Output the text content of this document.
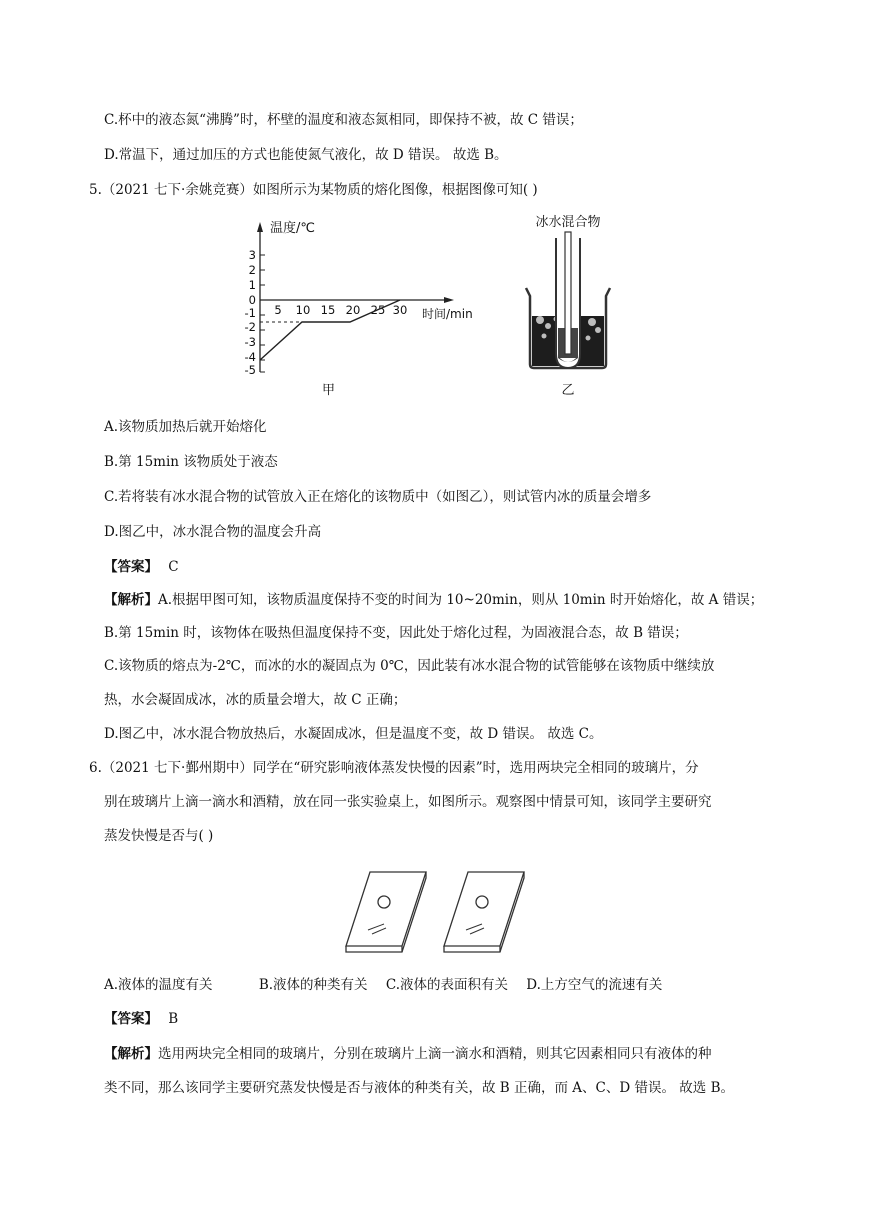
C.杯中的液态氮“沸腾”时，杯壁的温度和液态氮相同，即保持不被，故 C 错误；
D.常温下，通过加压的方式也能使氮气液化，故 D 错误。 故选 B。
5.（2021 七下·余姚竞赛）如图所示为某物质的熔化图像，根据图像可知( )
温度/℃
时间/min
3
2
1
0
-1
-2
-3
-4
-5
5 10 15 20 25 30
甲
冰水混合物
乙
A.该物质加热后就开始熔化
B.第 15min 该物质处于液态
C.若将装有冰水混合物的试管放入正在熔化的该物质中（如图乙），则试管内冰的质量会增多
D.图乙中，冰水混合物的温度会升高
【答案】 C
【解析】A.根据甲图可知，该物质温度保持不变的时间为 10~20min，则从 10min 时开始熔化，故 A 错误；
B.第 15min 时，该物体在吸热但温度保持不变，因此处于熔化过程，为固液混合态，故 B 错误；
C.该物质的熔点为-2℃，而冰的水的凝固点为 0℃，因此装有冰水混合物的试管能够在该物质中继续放
热，水会凝固成冰，冰的质量会增大，故 C 正确；
D.图乙中，冰水混合物放热后，水凝固成冰，但是温度不变，故 D 错误。 故选 C。
6.（2021 七下·鄞州期中）同学在“研究影响液体蒸发快慢的因素”时，选用两块完全相同的玻璃片，分
别在玻璃片上滴一滴水和酒精，放在同一张实验桌上，如图所示。观察图中情景可知，该同学主要研究
蒸发快慢是否与( )
A.液体的温度有关	B.液体的种类有关 C.液体的表面积有关 D.上方空气的流速有关
【答案】 B
【解析】选用两块完全相同的玻璃片，分别在玻璃片上滴一滴水和酒精，则其它因素相同只有液体的种
类不同，那么该同学主要研究蒸发快慢是否与液体的种类有关，故 B 正确，而 A、C、D 错误。 故选 B。
